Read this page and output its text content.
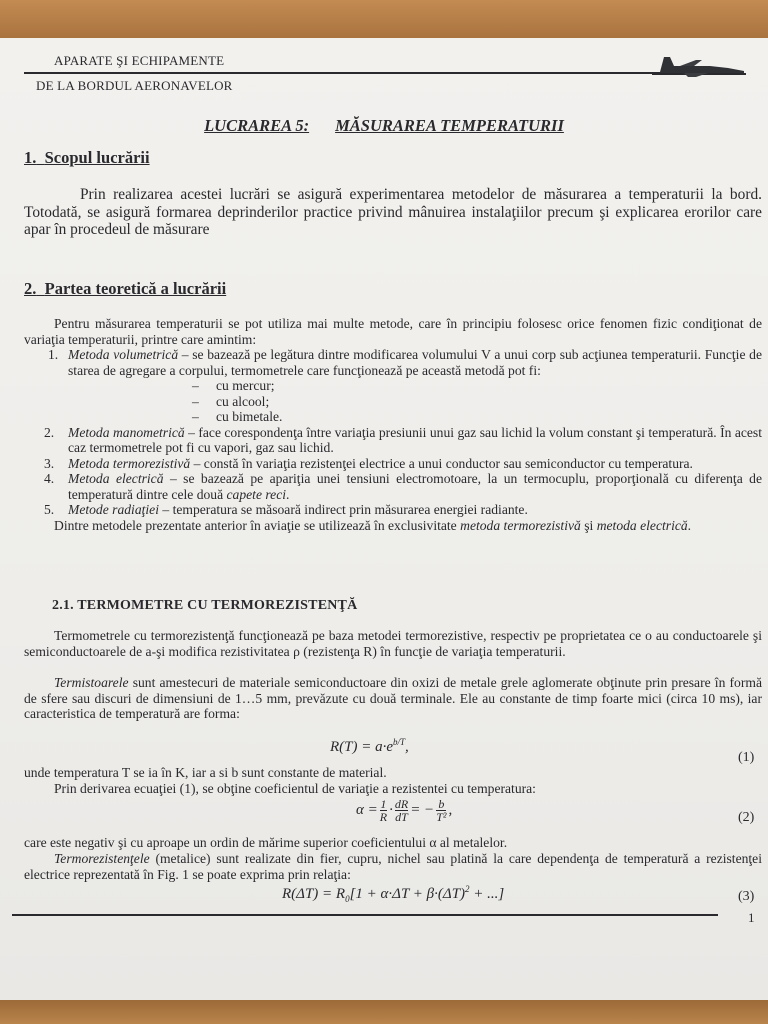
APARATE ŞI ECHIPAMENTE
DE LA BORDUL AERONAVELOR
LUCRAREA 5: MĂSURAREA TEMPERATURII
1. Scopul lucrării
Prin realizarea acestei lucrări se asigură experimentarea metodelor de măsurarea a temperaturii la bord. Totodată, se asigură formarea deprinderilor practice privind mânuirea instalaţiilor precum şi explicarea erorilor care apar în procedeul de măsurare
2. Partea teoretică a lucrării
Pentru măsurarea temperaturii se pot utiliza mai multe metode, care în principiu folosesc orice fenomen fizic condiţionat de variaţia temperaturii, printre care amintim:
1. Metoda volumetrică – se bazează pe legătura dintre modificarea volumului V a unui corp sub acţiunea temperaturii. Funcţie de starea de agregare a corpului, termometrele care funcţionează pe această metodă pot fi:
– cu mercur;
– cu alcool;
– cu bimetale.
2. Metoda manometrică – face corespondenţa între variaţia presiunii unui gaz sau lichid la volum constant şi temperatură. În acest caz termometrele pot fi cu vapori, gaz sau lichid.
3. Metoda termorezistivă – constă în variaţia rezistenţei electrice a unui conductor sau semiconductor cu temperatura.
4. Metoda electrică – se bazează pe apariţia unei tensiuni electromotoare, la un termocuplu, proporţională cu diferenţa de temperatură dintre cele două capete reci.
5. Metode radiaţiei – temperatura se măsoară indirect prin măsurarea energiei radiante.
Dintre metodele prezentate anterior în aviaţie se utilizează în exclusivitate metoda termorezistivă şi metoda electrică.
2.1. TERMOMETRE CU TERMOREZISTENŢĂ
Termometrele cu termorezistenţă funcţionează pe baza metodei termorezistive, respectiv pe proprietatea ce o au conductoarele şi semiconductoarele de a-şi modifica rezistivitatea ρ (rezistenţa R) în funcţie de variaţia temperaturii.
Termistoarele sunt amestecuri de materiale semiconductoare din oxizi de metale grele aglomerate obţinute prin presare în formă de sfere sau discuri de dimensiuni de 1…5 mm, prevăzute cu două terminale. Ele au constante de timp foarte mici (circa 10 ms), iar caracteristica de temperatură are forma:
$R(T) = a\cdot e^{b/T}$,
(1)
unde temperatura T se ia în K, iar a si b sunt constante de material.
Prin derivarea ecuaţiei (1), se obţine coeficientul de variaţie a rezistentei cu temperatura:
$\alpha = \frac{1}{R} \cdot \frac{dR}{dT}$ = − $\frac{b}{\text{T²}}$ ,	(2)
care este negativ şi cu aproape un ordin de mărime superior coeficientului α al metalelor.
Termorezistenţele (metalice) sunt realizate din fier, cupru, nichel sau platină la care dependenţa de temperatură a rezistenţei electrice reprezentată în Fig. 1 se poate exprima prin relaţia:
$R(\Delta T) = R_0[1 + \alpha\cdot\Delta T + \beta\cdot(\Delta T)^2$ + ...]	(3)
1
